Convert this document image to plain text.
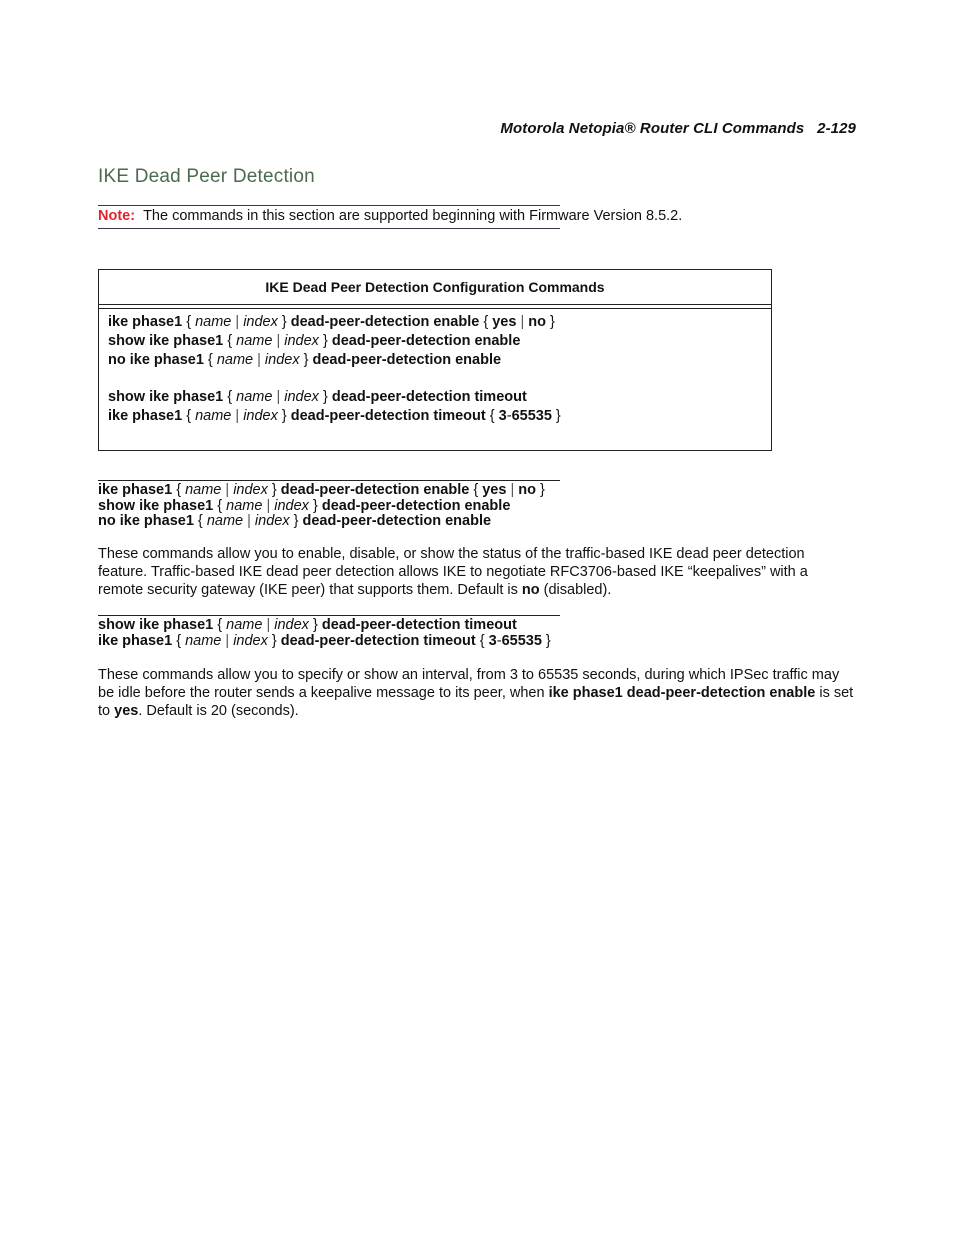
Motorola Netopia® Router CLI Commands   2-129
IKE Dead Peer Detection
Note: The commands in this section are supported beginning with Firmware Version 8.5.2.
IKE Dead Peer Detection Configuration Commands
ike phase1 { name | index } dead-peer-detection enable { yes | no }
show ike phase1 { name | index } dead-peer-detection enable
no ike phase1 { name | index } dead-peer-detection enable
show ike phase1 { name | index } dead-peer-detection timeout
ike phase1 { name | index } dead-peer-detection timeout { 3-65535 }
ike phase1 { name | index } dead-peer-detection enable { yes | no }
show ike phase1 { name | index } dead-peer-detection enable
no ike phase1 { name | index } dead-peer-detection enable
These commands allow you to enable, disable, or show the status of the traffic-based IKE dead peer detection feature. Traffic-based IKE dead peer detection allows IKE to negotiate RFC3706-based IKE “keepalives” with a remote security gateway (IKE peer) that supports them. Default is no (disabled).
show ike phase1 { name | index } dead-peer-detection timeout
ike phase1 { name | index } dead-peer-detection timeout { 3-65535 }
These commands allow you to specify or show an interval, from 3 to 65535 seconds, during which IPSec traffic may be idle before the router sends a keepalive message to its peer, when ike phase1 dead-peer-detection enable is set to yes. Default is 20 (seconds).
